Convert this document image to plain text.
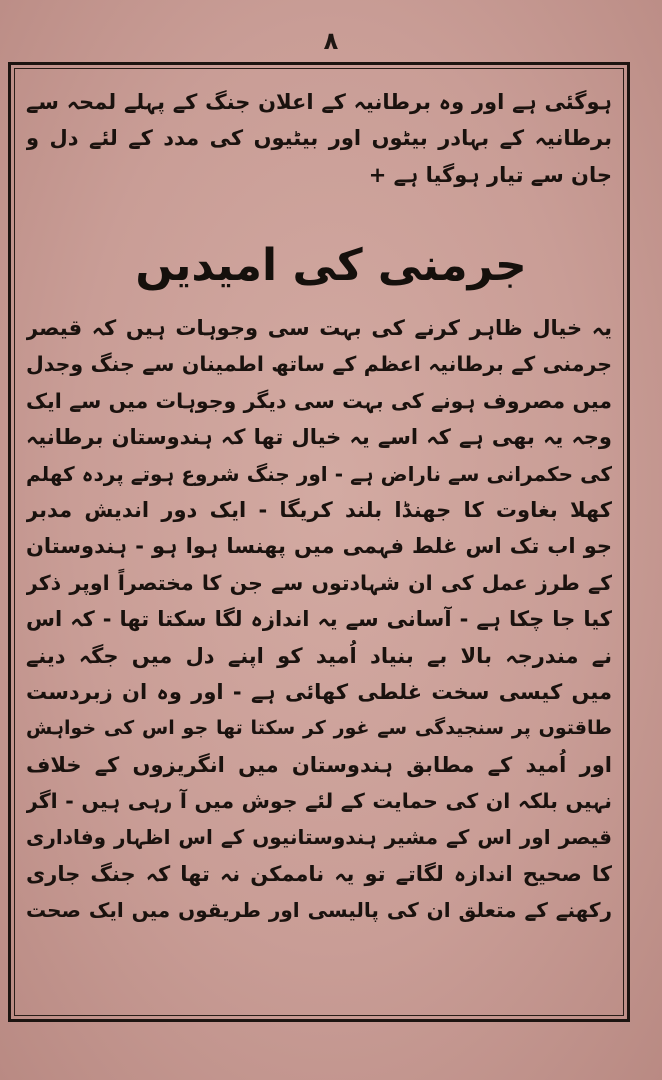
۸
ہوگئی ہے اور وہ برطانیہ کے اعلان جنگ کے پہلے لمحہ سے
برطانیہ کے بہادر بیٹوں اور بیٹیوں کی مدد کے لئے دل و
جان سے تیار ہوگیا ہے +
جرمنی کی امیدیں
یہ خیال ظاہر کرنے کی بہت سی وجوہات ہیں کہ قیصر
جرمنی کے برطانیہ اعظم کے ساتھ اطمینان سے جنگ وجدل
میں مصروف ہونے کی بہت سی دیگر وجوہات میں سے ایک
وجہ یہ بھی ہے کہ اسے یہ خیال تھا کہ ہندوستان برطانیہ
کی حکمرانی سے ناراض ہے - اور جنگ شروع ہوتے پردہ کھلم
کھلا بغاوت کا جھنڈا بلند کریگا - ایک دور اندیش مدبر
جو اب تک اس غلط فہمی میں پھنسا ہوا ہو - ہندوستان
کے طرز عمل کی ان شہادتوں سے جن کا مختصراً اوپر ذکر
کیا جا چکا ہے - آسانی سے یہ اندازہ لگا سکتا تھا - کہ اس
نے مندرجہ بالا بے بنیاد اُمید کو اپنے دل میں جگہ دینے
میں کیسی سخت غلطی کھائی ہے - اور وہ ان زبردست
طاقتوں پر سنجیدگی سے غور کر سکتا تھا جو اس کی خواہش
اور اُمید کے مطابق ہندوستان میں انگریزوں کے خلاف
نہیں بلکہ ان کی حمایت کے لئے جوش میں آ رہی ہیں - اگر
قیصر اور اس کے مشیر ہندوستانیوں کے اس اظہار وفاداری
کا صحیح اندازہ لگاتے تو یہ ناممکن نہ تھا کہ جنگ جاری
رکھنے کے متعلق ان کی پالیسی اور طریقوں میں ایک صحت
